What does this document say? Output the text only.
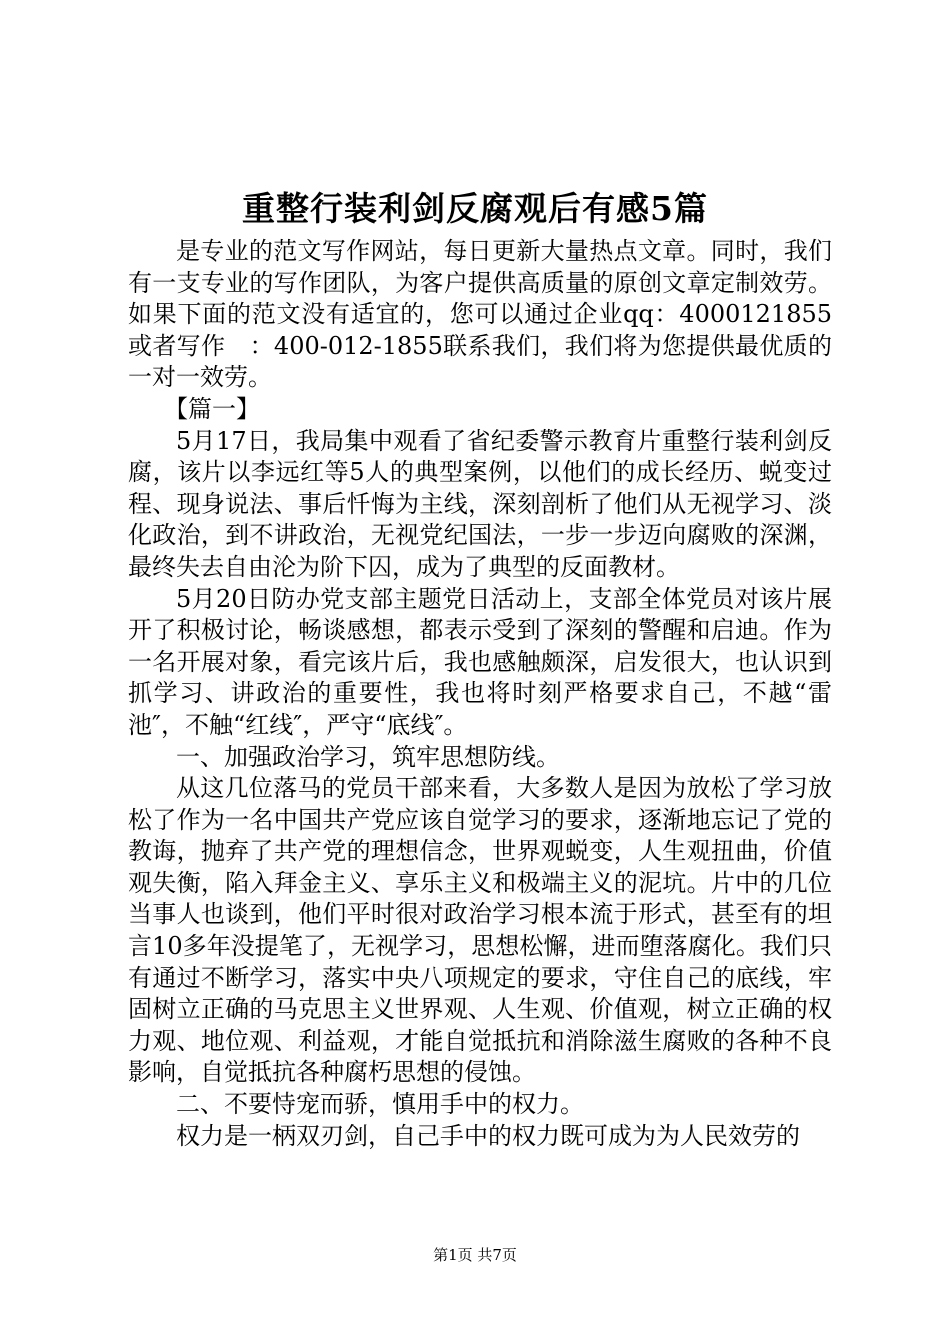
重整行装利剑反腐观后有感5篇

是专业的范文写作网站，每日更新大量热点文章。同时，我们有一支专业的写作团队，为客户提供高质量的原创文章定制效劳。如果下面的范文没有适宜的，您可以通过企业qq：4000121855或者写作　：400-012-1855联系我们，我们将为您提供最优质的一对一效劳。

【篇一】

5月17日，我局集中观看了省纪委警示教育片重整行装利剑反腐，该片以李远红等5人的典型案例，以他们的成长经历、蜕变过程、现身说法、事后忏悔为主线，深刻剖析了他们从无视学习、淡化政治，到不讲政治，无视党纪国法，一步一步迈向腐败的深渊，最终失去自由沦为阶下囚，成为了典型的反面教材。

5月20日防办党支部主题党日活动上，支部全体党员对该片展开了积极讨论，畅谈感想，都表示受到了深刻的警醒和启迪。作为一名开展对象，看完该片后，我也感触颇深，启发很大，也认识到抓学习、讲政治的重要性，我也将时刻严格要求自己，不越“雷池″，不触“红线″，严守“底线″。

一、加强政治学习，筑牢思想防线。

从这几位落马的党员干部来看，大多数人是因为放松了学习放松了作为一名中国共产党应该自觉学习的要求，逐渐地忘记了党的教诲，抛弃了共产党的理想信念，世界观蜕变，人生观扭曲，价值观失衡，陷入拜金主义、享乐主义和极端主义的泥坑。片中的几位当事人也谈到，他们平时很对政治学习根本流于形式，甚至有的坦言10多年没提笔了，无视学习，思想松懈，进而堕落腐化。我们只有通过不断学习，落实中央八项规定的要求，守住自己的底线，牢固树立正确的马克思主义世界观、人生观、价值观，树立正确的权力观、地位观、利益观，才能自觉抵抗和消除滋生腐败的各种不良影响，自觉抵抗各种腐朽思想的侵蚀。

二、不要恃宠而骄，慎用手中的权力。

权力是一柄双刃剑，自己手中的权力既可成为为人民效劳的

第1页 共7页
